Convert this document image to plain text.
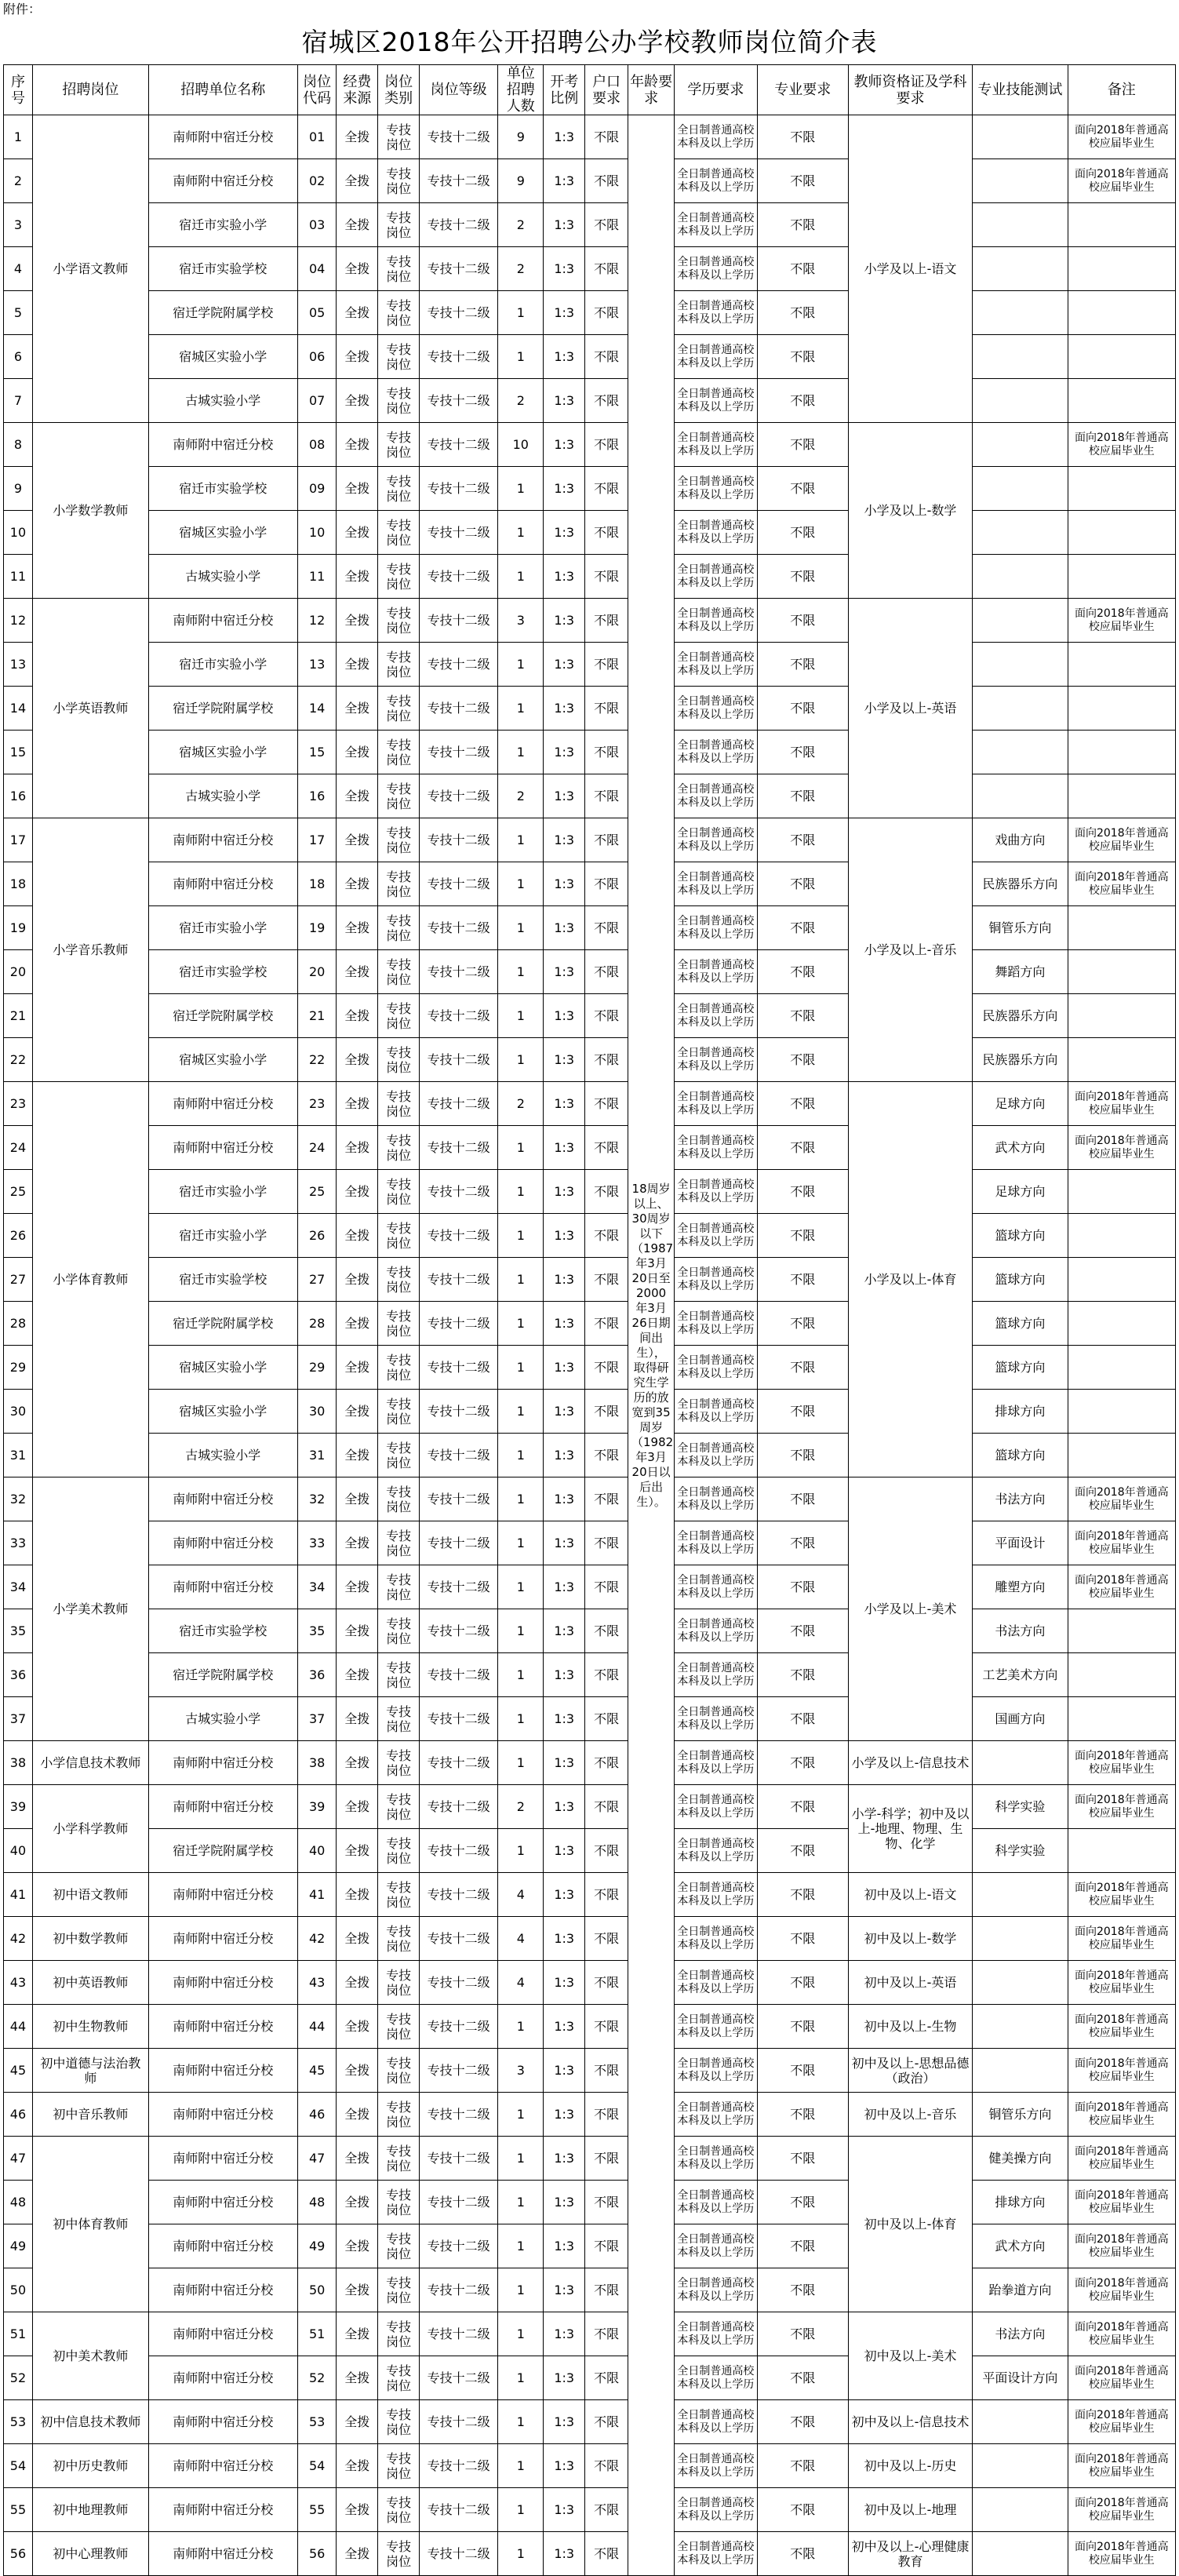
附件：
宿城区2018年公开招聘公办学校教师岗位简介表
序号	招聘岗位	招聘单位名称	岗位代码	经费来源	岗位类别	岗位等级	单位招聘人数	开考比例	户口要求	年龄要求	学历要求	专业要求	教师资格证及学科要求	专业技能测试	备注
1	小学语文教师	南师附中宿迁分校	01	全拨	专技岗位	专技十二级	9	1:3	不限	18周岁以上、30周岁以下（1987年3月20日至2000年3月26日期间出生），取得研究生学历的放宽到35周岁（1982年3月20日以后出生）。	全日制普通高校本科及以上学历	不限	小学及以上-语文		面向2018年普通高校应届毕业生
2		南师附中宿迁分校	02	全拨	专技岗位	专技十二级	9	1:3	不限		全日制普通高校本科及以上学历	不限			面向2018年普通高校应届毕业生
3		宿迁市实验小学	03	全拨	专技岗位	专技十二级	2	1:3	不限		全日制普通高校本科及以上学历	不限			
4		宿迁市实验学校	04	全拨	专技岗位	专技十二级	2	1:3	不限		全日制普通高校本科及以上学历	不限			
5		宿迁学院附属学校	05	全拨	专技岗位	专技十二级	1	1:3	不限		全日制普通高校本科及以上学历	不限			
6		宿城区实验小学	06	全拨	专技岗位	专技十二级	1	1:3	不限		全日制普通高校本科及以上学历	不限			
7		古城实验小学	07	全拨	专技岗位	专技十二级	2	1:3	不限		全日制普通高校本科及以上学历	不限			
8	小学数学教师	南师附中宿迁分校	08	全拨	专技岗位	专技十二级	10	1:3	不限		全日制普通高校本科及以上学历	不限	小学及以上-数学		面向2018年普通高校应届毕业生
9		宿迁市实验学校	09	全拨	专技岗位	专技十二级	1	1:3	不限		全日制普通高校本科及以上学历	不限			
10		宿城区实验小学	10	全拨	专技岗位	专技十二级	1	1:3	不限		全日制普通高校本科及以上学历	不限			
11		古城实验小学	11	全拨	专技岗位	专技十二级	1	1:3	不限		全日制普通高校本科及以上学历	不限			
12	小学英语教师	南师附中宿迁分校	12	全拨	专技岗位	专技十二级	3	1:3	不限		全日制普通高校本科及以上学历	不限	小学及以上-英语		面向2018年普通高校应届毕业生
13		宿迁市实验小学	13	全拨	专技岗位	专技十二级	1	1:3	不限		全日制普通高校本科及以上学历	不限			
14		宿迁学院附属学校	14	全拨	专技岗位	专技十二级	1	1:3	不限		全日制普通高校本科及以上学历	不限			
15		宿城区实验小学	15	全拨	专技岗位	专技十二级	1	1:3	不限		全日制普通高校本科及以上学历	不限			
16		古城实验小学	16	全拨	专技岗位	专技十二级	2	1:3	不限		全日制普通高校本科及以上学历	不限			
17	小学音乐教师	南师附中宿迁分校	17	全拨	专技岗位	专技十二级	1	1:3	不限		全日制普通高校本科及以上学历	不限	小学及以上-音乐	戏曲方向	面向2018年普通高校应届毕业生
18		南师附中宿迁分校	18	全拨	专技岗位	专技十二级	1	1:3	不限		全日制普通高校本科及以上学历	不限		民族器乐方向	面向2018年普通高校应届毕业生
19		宿迁市实验小学	19	全拨	专技岗位	专技十二级	1	1:3	不限		全日制普通高校本科及以上学历	不限		铜管乐方向	
20		宿迁市实验学校	20	全拨	专技岗位	专技十二级	1	1:3	不限		全日制普通高校本科及以上学历	不限		舞蹈方向	
21		宿迁学院附属学校	21	全拨	专技岗位	专技十二级	1	1:3	不限		全日制普通高校本科及以上学历	不限		民族器乐方向	
22		宿城区实验小学	22	全拨	专技岗位	专技十二级	1	1:3	不限		全日制普通高校本科及以上学历	不限		民族器乐方向	
23	小学体育教师	南师附中宿迁分校	23	全拨	专技岗位	专技十二级	2	1:3	不限		全日制普通高校本科及以上学历	不限	小学及以上-体育	足球方向	面向2018年普通高校应届毕业生
24		南师附中宿迁分校	24	全拨	专技岗位	专技十二级	1	1:3	不限		全日制普通高校本科及以上学历	不限		武术方向	面向2018年普通高校应届毕业生
25		宿迁市实验小学	25	全拨	专技岗位	专技十二级	1	1:3	不限		全日制普通高校本科及以上学历	不限		足球方向	
26		宿迁市实验小学	26	全拨	专技岗位	专技十二级	1	1:3	不限		全日制普通高校本科及以上学历	不限		篮球方向	
27		宿迁市实验学校	27	全拨	专技岗位	专技十二级	1	1:3	不限		全日制普通高校本科及以上学历	不限		篮球方向	
28		宿迁学院附属学校	28	全拨	专技岗位	专技十二级	1	1:3	不限		全日制普通高校本科及以上学历	不限		篮球方向	
29		宿城区实验小学	29	全拨	专技岗位	专技十二级	1	1:3	不限		全日制普通高校本科及以上学历	不限		篮球方向	
30		宿城区实验小学	30	全拨	专技岗位	专技十二级	1	1:3	不限		全日制普通高校本科及以上学历	不限		排球方向	
31		古城实验小学	31	全拨	专技岗位	专技十二级	1	1:3	不限		全日制普通高校本科及以上学历	不限		篮球方向	
32	小学美术教师	南师附中宿迁分校	32	全拨	专技岗位	专技十二级	1	1:3	不限		全日制普通高校本科及以上学历	不限	小学及以上-美术	书法方向	面向2018年普通高校应届毕业生
33		南师附中宿迁分校	33	全拨	专技岗位	专技十二级	1	1:3	不限		全日制普通高校本科及以上学历	不限		平面设计	面向2018年普通高校应届毕业生
34		南师附中宿迁分校	34	全拨	专技岗位	专技十二级	1	1:3	不限		全日制普通高校本科及以上学历	不限		雕塑方向	面向2018年普通高校应届毕业生
35		宿迁市实验学校	35	全拨	专技岗位	专技十二级	1	1:3	不限		全日制普通高校本科及以上学历	不限		书法方向	
36		宿迁学院附属学校	36	全拨	专技岗位	专技十二级	1	1:3	不限		全日制普通高校本科及以上学历	不限		工艺美术方向	
37		古城实验小学	37	全拨	专技岗位	专技十二级	1	1:3	不限		全日制普通高校本科及以上学历	不限		国画方向	
38	小学信息技术教师	南师附中宿迁分校	38	全拨	专技岗位	专技十二级	1	1:3	不限		全日制普通高校本科及以上学历	不限	小学及以上-信息技术		面向2018年普通高校应届毕业生
39	小学科学教师	南师附中宿迁分校	39	全拨	专技岗位	专技十二级	2	1:3	不限		全日制普通高校本科及以上学历	不限	小学-科学；初中及以上-地理、物理、生物、化学	科学实验	面向2018年普通高校应届毕业生
40		宿迁学院附属学校	40	全拨	专技岗位	专技十二级	1	1:3	不限		全日制普通高校本科及以上学历	不限		科学实验	
41	初中语文教师	南师附中宿迁分校	41	全拨	专技岗位	专技十二级	4	1:3	不限		全日制普通高校本科及以上学历	不限	初中及以上-语文		面向2018年普通高校应届毕业生
42	初中数学教师	南师附中宿迁分校	42	全拨	专技岗位	专技十二级	4	1:3	不限		全日制普通高校本科及以上学历	不限	初中及以上-数学		面向2018年普通高校应届毕业生
43	初中英语教师	南师附中宿迁分校	43	全拨	专技岗位	专技十二级	4	1:3	不限		全日制普通高校本科及以上学历	不限	初中及以上-英语		面向2018年普通高校应届毕业生
44	初中生物教师	南师附中宿迁分校	44	全拨	专技岗位	专技十二级	1	1:3	不限		全日制普通高校本科及以上学历	不限	初中及以上-生物		面向2018年普通高校应届毕业生
45	初中道德与法治教师	南师附中宿迁分校	45	全拨	专技岗位	专技十二级	3	1:3	不限		全日制普通高校本科及以上学历	不限	初中及以上-思想品德（政治）		面向2018年普通高校应届毕业生
46	初中音乐教师	南师附中宿迁分校	46	全拨	专技岗位	专技十二级	1	1:3	不限		全日制普通高校本科及以上学历	不限	初中及以上-音乐	铜管乐方向	面向2018年普通高校应届毕业生
47	初中体育教师	南师附中宿迁分校	47	全拨	专技岗位	专技十二级	1	1:3	不限		全日制普通高校本科及以上学历	不限	初中及以上-体育	健美操方向	面向2018年普通高校应届毕业生
48		南师附中宿迁分校	48	全拨	专技岗位	专技十二级	1	1:3	不限		全日制普通高校本科及以上学历	不限		排球方向	面向2018年普通高校应届毕业生
49		南师附中宿迁分校	49	全拨	专技岗位	专技十二级	1	1:3	不限		全日制普通高校本科及以上学历	不限		武术方向	面向2018年普通高校应届毕业生
50		南师附中宿迁分校	50	全拨	专技岗位	专技十二级	1	1:3	不限		全日制普通高校本科及以上学历	不限		跆拳道方向	面向2018年普通高校应届毕业生
51	初中美术教师	南师附中宿迁分校	51	全拨	专技岗位	专技十二级	1	1:3	不限		全日制普通高校本科及以上学历	不限	初中及以上-美术	书法方向	面向2018年普通高校应届毕业生
52		南师附中宿迁分校	52	全拨	专技岗位	专技十二级	1	1:3	不限		全日制普通高校本科及以上学历	不限		平面设计方向	面向2018年普通高校应届毕业生
53	初中信息技术教师	南师附中宿迁分校	53	全拨	专技岗位	专技十二级	1	1:3	不限		全日制普通高校本科及以上学历	不限	初中及以上-信息技术		面向2018年普通高校应届毕业生
54	初中历史教师	南师附中宿迁分校	54	全拨	专技岗位	专技十二级	1	1:3	不限		全日制普通高校本科及以上学历	不限	初中及以上-历史		面向2018年普通高校应届毕业生
55	初中地理教师	南师附中宿迁分校	55	全拨	专技岗位	专技十二级	1	1:3	不限		全日制普通高校本科及以上学历	不限	初中及以上-地理		面向2018年普通高校应届毕业生
56	初中心理教师	南师附中宿迁分校	56	全拨	专技岗位	专技十二级	1	1:3	不限		全日制普通高校本科及以上学历	不限	初中及以上-心理健康教育		面向2018年普通高校应届毕业生
